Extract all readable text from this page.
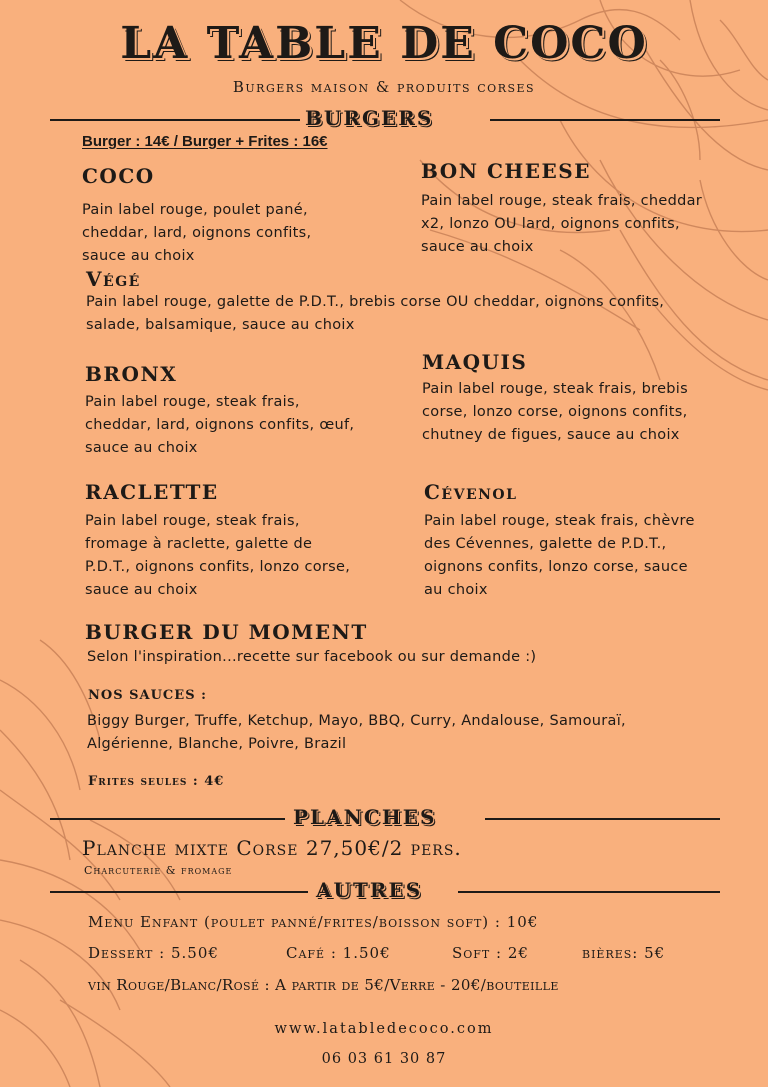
LA TABLE DE COCO
Burgers maison & produits corses
BURGERS
Burger : 14€ / Burger + Frites : 16€
COCO
Pain label rouge, poulet pané, cheddar, lard, oignons confits, sauce au choix
BON CHEESE
Pain label rouge, steak frais, cheddar x2, lonzo OU lard, oignons confits, sauce au choix
Végé
Pain label rouge, galette de P.D.T., brebis corse OU cheddar, oignons confits, salade, balsamique, sauce au choix
BRONX
Pain label rouge, steak frais, cheddar, lard, oignons confits, œuf, sauce au choix
MAQUIS
Pain label rouge, steak frais, brebis corse, lonzo corse, oignons confits, chutney de figues, sauce au choix
RACLETTE
Pain label rouge, steak frais, fromage à raclette, galette de P.D.T., oignons confits, lonzo corse, sauce au choix
Cévenol
Pain label rouge, steak frais, chèvre des Cévennes, galette de P.D.T., oignons confits, lonzo corse, sauce au choix
BURGER DU MOMENT
Selon l'inspiration...recette sur facebook ou sur demande :)
NOS SAUCES :
Biggy Burger, Truffe, Ketchup, Mayo, BBQ, Curry, Andalouse, Samouraï, Algérienne, Blanche, Poivre, Brazil
Frites seules : 4€
PLANCHES
Planche mixte Corse 27,50€/2 pers.
Charcuterie & fromage
AUTRES
Menu Enfant (poulet panné/frites/boisson soft) : 10€
Dessert : 5.50€	Café : 1.50€	Soft : 2€	bières: 5€
vin Rouge/Blanc/Rosé : A partir de 5€/Verre - 20€/bouteille
www.latabledecoco.com
06 03 61 30 87
